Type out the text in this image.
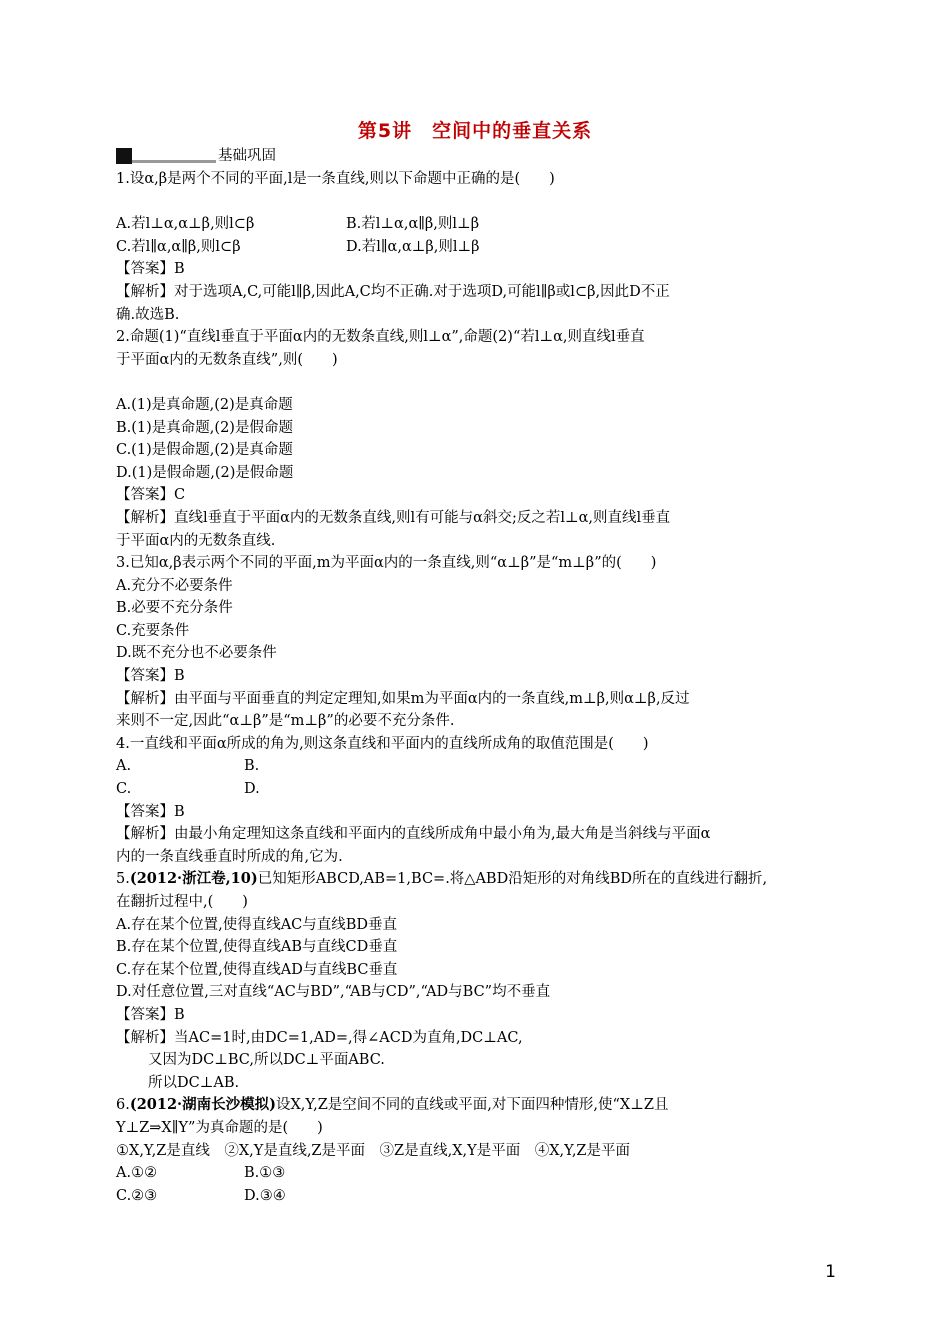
第5讲　空间中的垂直关系
基础巩固
1.设α,β是两个不同的平面,l是一条直线,则以下命题中正确的是(　　)
A.若l⊥α,α⊥β,则l⊂β	B.若l⊥α,α∥β,则l⊥β
C.若l∥α,α∥β,则l⊂β	D.若l∥α,α⊥β,则l⊥β
【答案】B
【解析】对于选项A,C,可能l∥β,因此A,C均不正确.对于选项D,可能l∥β或l⊂β,因此D不正
确.故选B.
2.命题(1)“直线l垂直于平面α内的无数条直线,则l⊥α”,命题(2)“若l⊥α,则直线l垂直
于平面α内的无数条直线”,则(　　)
A.(1)是真命题,(2)是真命题
B.(1)是真命题,(2)是假命题
C.(1)是假命题,(2)是真命题
D.(1)是假命题,(2)是假命题
【答案】C
【解析】直线l垂直于平面α内的无数条直线,则l有可能与α斜交;反之若l⊥α,则直线l垂直
于平面α内的无数条直线.
3.已知α,β表示两个不同的平面,m为平面α内的一条直线,则“α⊥β”是“m⊥β”的(　　)
A.充分不必要条件
B.必要不充分条件
C.充要条件
D.既不充分也不必要条件
【答案】B
【解析】由平面与平面垂直的判定定理知,如果m为平面α内的一条直线,m⊥β,则α⊥β,反过
来则不一定,因此“α⊥β”是“m⊥β”的必要不充分条件.
4.一直线和平面α所成的角为,则这条直线和平面内的直线所成角的取值范围是(　　)
A.	B.
C.	D.
【答案】B
【解析】由最小角定理知这条直线和平面内的直线所成角中最小角为,最大角是当斜线与平面α
内的一条直线垂直时所成的角,它为.
5.(2012·浙江卷,10)已知矩形ABCD,AB=1,BC=.将△ABD沿矩形的对角线BD所在的直线进行翻折,
在翻折过程中,(　　)
A.存在某个位置,使得直线AC与直线BD垂直
B.存在某个位置,使得直线AB与直线CD垂直
C.存在某个位置,使得直线AD与直线BC垂直
D.对任意位置,三对直线“AC与BD”,“AB与CD”,“AD与BC”均不垂直
【答案】B
【解析】当AC=1时,由DC=1,AD=,得∠ACD为直角,DC⊥AC,
又因为DC⊥BC,所以DC⊥平面ABC.
所以DC⊥AB.
6.(2012·湖南长沙模拟)设X,Y,Z是空间不同的直线或平面,对下面四种情形,使“X⊥Z且
Y⊥Z⇒X∥Y”为真命题的是(　　)
①X,Y,Z是直线　②X,Y是直线,Z是平面　③Z是直线,X,Y是平面　④X,Y,Z是平面
A.①②	B.①③
C.②③	D.③④
1
